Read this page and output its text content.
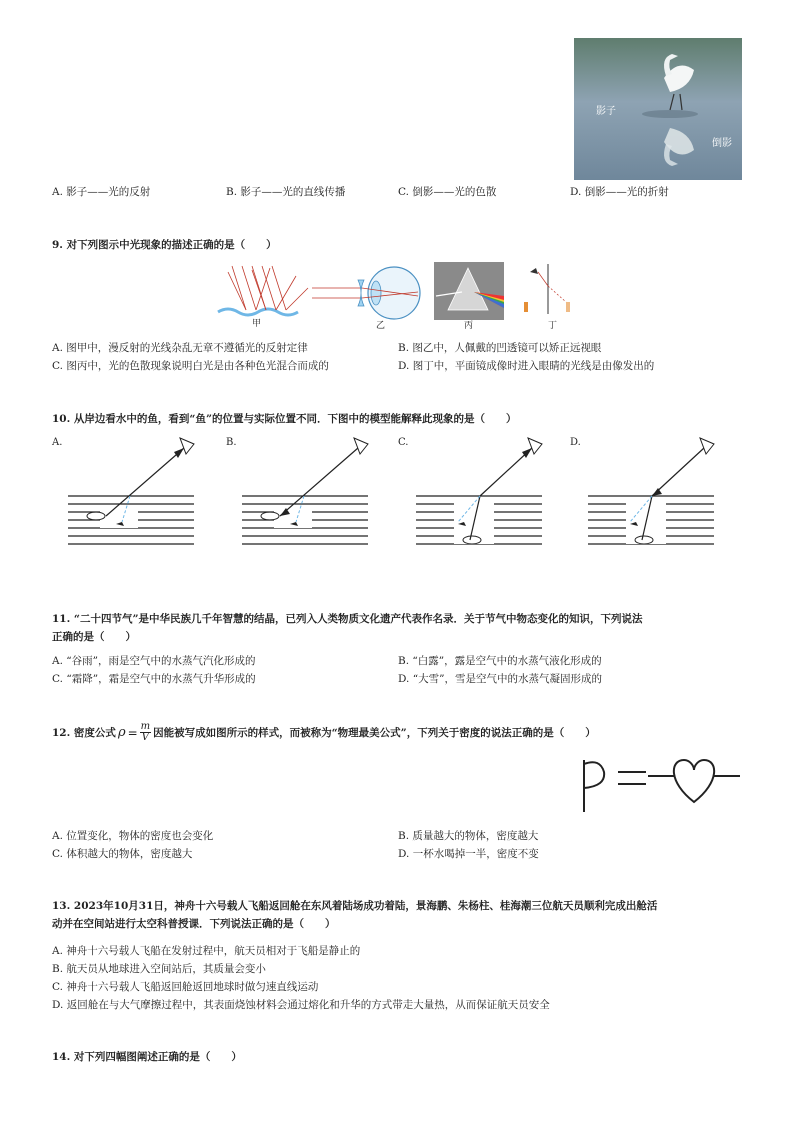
影子
倒影
A. 影子——光的反射	B. 影子——光的直线传播	C. 倒影——光的色散	D. 倒影——光的折射
9. 对下列图示中光现象的描述正确的是（　　）
甲	乙	丙	丁
A. 图甲中，漫反射的光线杂乱无章不遵循光的反射定律	B. 图乙中，人佩戴的凹透镜可以矫正远视眼
C. 图丙中，光的色散现象说明白光是由各种色光混合而成的	D. 图丁中，平面镜成像时进入眼睛的光线是由像发出的
10. 从岸边看水中的鱼，看到“鱼”的位置与实际位置不同．下图中的模型能解释此现象的是（　　）
A.	B.	C.	D.
11. “二十四节气”是中华民族几千年智慧的结晶，已列入人类物质文化遗产代表作名录．关于节气中物态变化的知识，下列说法
正确的是（　　）
A. “谷雨”，雨是空气中的水蒸气汽化形成的	B. “白露”，露是空气中的水蒸气液化形成的
C. “霜降”，霜是空气中的水蒸气升华形成的	D. “大雪”，雪是空气中的水蒸气凝固形成的
12. 密度公式 $\rho = \frac{m}{V}$ 因能被写成如图所示的样式，而被称为“物理最美公式”，下列关于密度的说法正确的是（　　）
A. 位置变化，物体的密度也会变化	B. 质量越大的物体，密度越大
C. 体积越大的物体，密度越大	D. 一杯水喝掉一半，密度不变
13. 2023年10月31日，神舟十六号载人飞船返回舱在东风着陆场成功着陆，景海鹏、朱杨柱、桂海潮三位航天员顺利完成出舱活
动并在空间站进行太空科普授课．下列说法正确的是（　　）
A. 神舟十六号载人飞船在发射过程中，航天员相对于飞船是静止的
B. 航天员从地球进入空间站后，其质量会变小
C. 神舟十六号载人飞船返回舱返回地球时做匀速直线运动
D. 返回舱在与大气摩擦过程中，其表面烧蚀材料会通过熔化和升华的方式带走大量热，从而保证航天员安全
14. 对下列四幅图阐述正确的是（　　）
